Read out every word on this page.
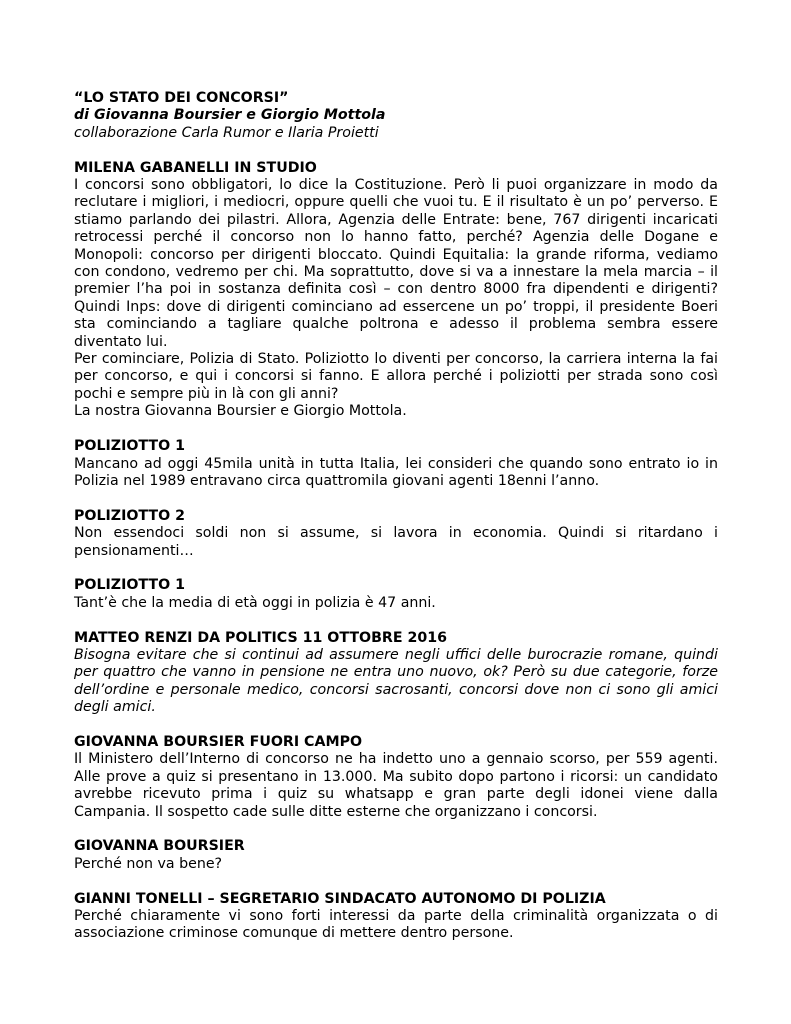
“LO STATO DEI CONCORSI”
di Giovanna Boursier e Giorgio Mottola
collaborazione Carla Rumor e Ilaria Proietti
MILENA GABANELLI IN STUDIO
I concorsi sono obbligatori, lo dice la Costituzione. Però li puoi organizzare in modo da
reclutare i migliori, i mediocri, oppure quelli che vuoi tu. E il risultato è un po’ perverso. E
stiamo parlando dei pilastri. Allora, Agenzia delle Entrate: bene, 767 dirigenti incaricati
retrocessi perché il concorso non lo hanno fatto, perché? Agenzia delle Dogane e
Monopoli: concorso per dirigenti bloccato. Quindi Equitalia: la grande riforma, vediamo
con condono, vedremo per chi. Ma soprattutto, dove si va a innestare la mela marcia – il
premier l’ha poi in sostanza definita così – con dentro 8000 fra dipendenti e dirigenti?
Quindi Inps: dove di dirigenti cominciano ad essercene un po’ troppi, il presidente Boeri
sta cominciando a tagliare qualche poltrona e adesso il problema sembra essere
diventato lui.
Per cominciare, Polizia di Stato. Poliziotto lo diventi per concorso, la carriera interna la fai
per concorso, e qui i concorsi si fanno. E allora perché i poliziotti per strada sono così
pochi e sempre più in là con gli anni?
La nostra Giovanna Boursier e Giorgio Mottola.
POLIZIOTTO 1
Mancano ad oggi 45mila unità in tutta Italia, lei consideri che quando sono entrato io in
Polizia nel 1989 entravano circa quattromila giovani agenti 18enni l’anno.
POLIZIOTTO 2
Non essendoci soldi non si assume, si lavora in economia. Quindi si ritardano i
pensionamenti…
POLIZIOTTO 1
Tant’è che la media di età oggi in polizia è 47 anni.
MATTEO RENZI DA POLITICS 11 OTTOBRE 2016
Bisogna evitare che si continui ad assumere negli uffici delle burocrazie romane, quindi
per quattro che vanno in pensione ne entra uno nuovo, ok? Però su due categorie, forze
dell’ordine e personale medico, concorsi sacrosanti, concorsi dove non ci sono gli amici
degli amici.
GIOVANNA BOURSIER FUORI CAMPO
Il Ministero dell’Interno di concorso ne ha indetto uno a gennaio scorso, per 559 agenti.
Alle prove a quiz si presentano in 13.000. Ma subito dopo partono i ricorsi: un candidato
avrebbe ricevuto prima i quiz su whatsapp e gran parte degli idonei viene dalla
Campania. Il sospetto cade sulle ditte esterne che organizzano i concorsi.
GIOVANNA BOURSIER
Perché non va bene?
GIANNI TONELLI – SEGRETARIO SINDACATO AUTONOMO DI POLIZIA
Perché chiaramente vi sono forti interessi da parte della criminalità organizzata o di
associazione criminose comunque di mettere dentro persone.
